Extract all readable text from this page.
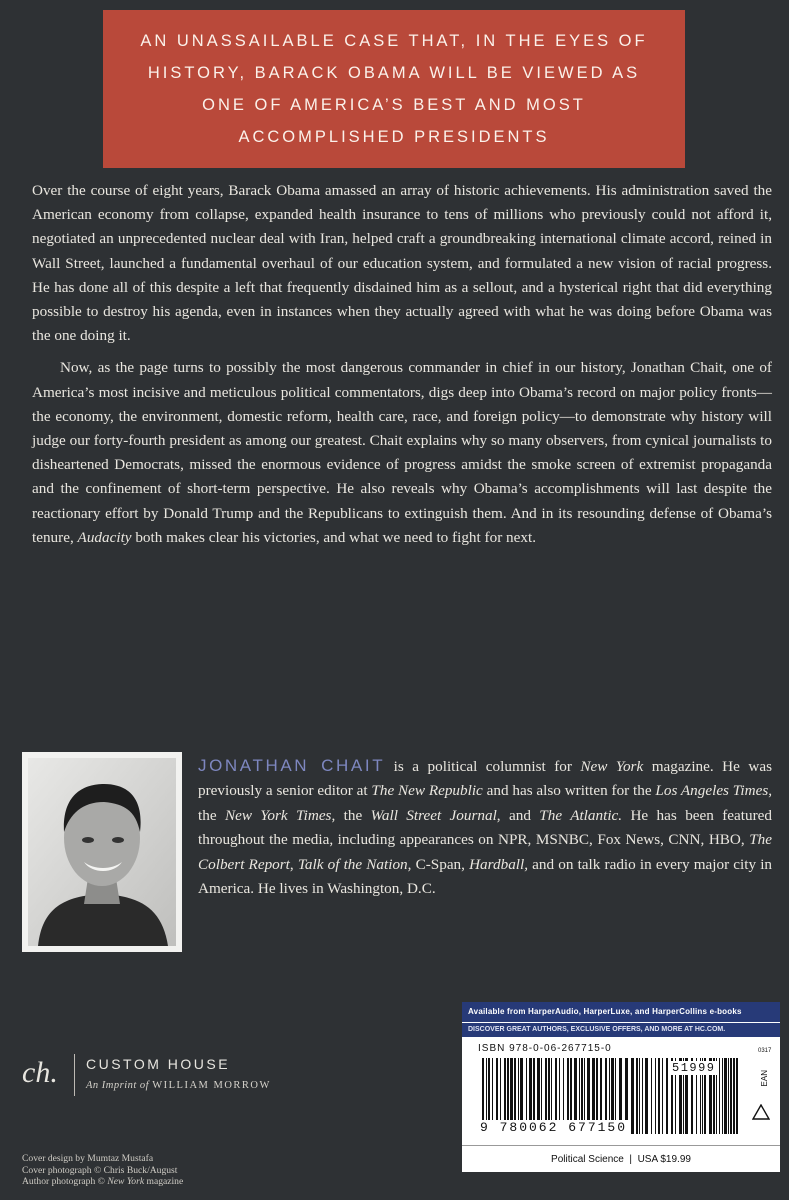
AN UNASSAILABLE CASE THAT, IN THE EYES OF HISTORY, BARACK OBAMA WILL BE VIEWED AS ONE OF AMERICA’S BEST AND MOST ACCOMPLISHED PRESIDENTS

Over the course of eight years, Barack Obama amassed an array of historic achievements. His administration saved the American economy from collapse, expanded health insurance to tens of millions who previously could not afford it, negotiated an unprecedented nuclear deal with Iran, helped craft a groundbreaking international climate accord, reined in Wall Street, launched a fundamental overhaul of our education system, and formulated a new vision of racial progress. He has done all of this despite a left that frequently disdained him as a sellout, and a hysterical right that did everything possible to destroy his agenda, even in instances when they actually agreed with what he was doing before Obama was the one doing it.

Now, as the page turns to possibly the most dangerous commander in chief in our history, Jonathan Chait, one of America’s most incisive and meticulous political commentators, digs deep into Obama’s record on major policy fronts—the economy, the environment, domestic reform, health care, race, and foreign policy—to demonstrate why history will judge our forty-fourth president as among our greatest. Chait explains why so many observers, from cynical journalists to disheartened Democrats, missed the enormous evidence of progress amidst the smoke screen of extremist propaganda and the confinement of short-term perspective. He also reveals why Obama’s accomplishments will last despite the reactionary effort by Donald Trump and the Republicans to extinguish them. And in its resounding defense of Obama’s tenure, Audacity both makes clear his victories, and what we need to fight for next.

JONATHAN CHAIT is a political columnist for New York magazine. He was previously a senior editor at The New Republic and has also written for the Los Angeles Times, the New York Times, the Wall Street Journal, and The Atlantic. He has been featured throughout the media, including appearances on NPR, MSNBC, Fox News, CNN, HBO, The Colbert Report, Talk of the Nation, C-Span, Hardball, and on talk radio in every major city in America. He lives in Washington, D.C.
ch. CUSTOM HOUSE
An Imprint of WILLIAM MORROW
Cover design by Mumtaz Mustafa
Cover photograph © Chris Buck/August
Author photograph © New York magazine
Available from HarperAudio, HarperLuxe, and HarperCollins e-books
DISCOVER GREAT AUTHORS, EXCLUSIVE OFFERS, AND MORE AT HC.COM.
ISBN 978-0-06-267715-0
51999
0317
EAN
9 780062 677150
Political Science  |  USA $19.99
